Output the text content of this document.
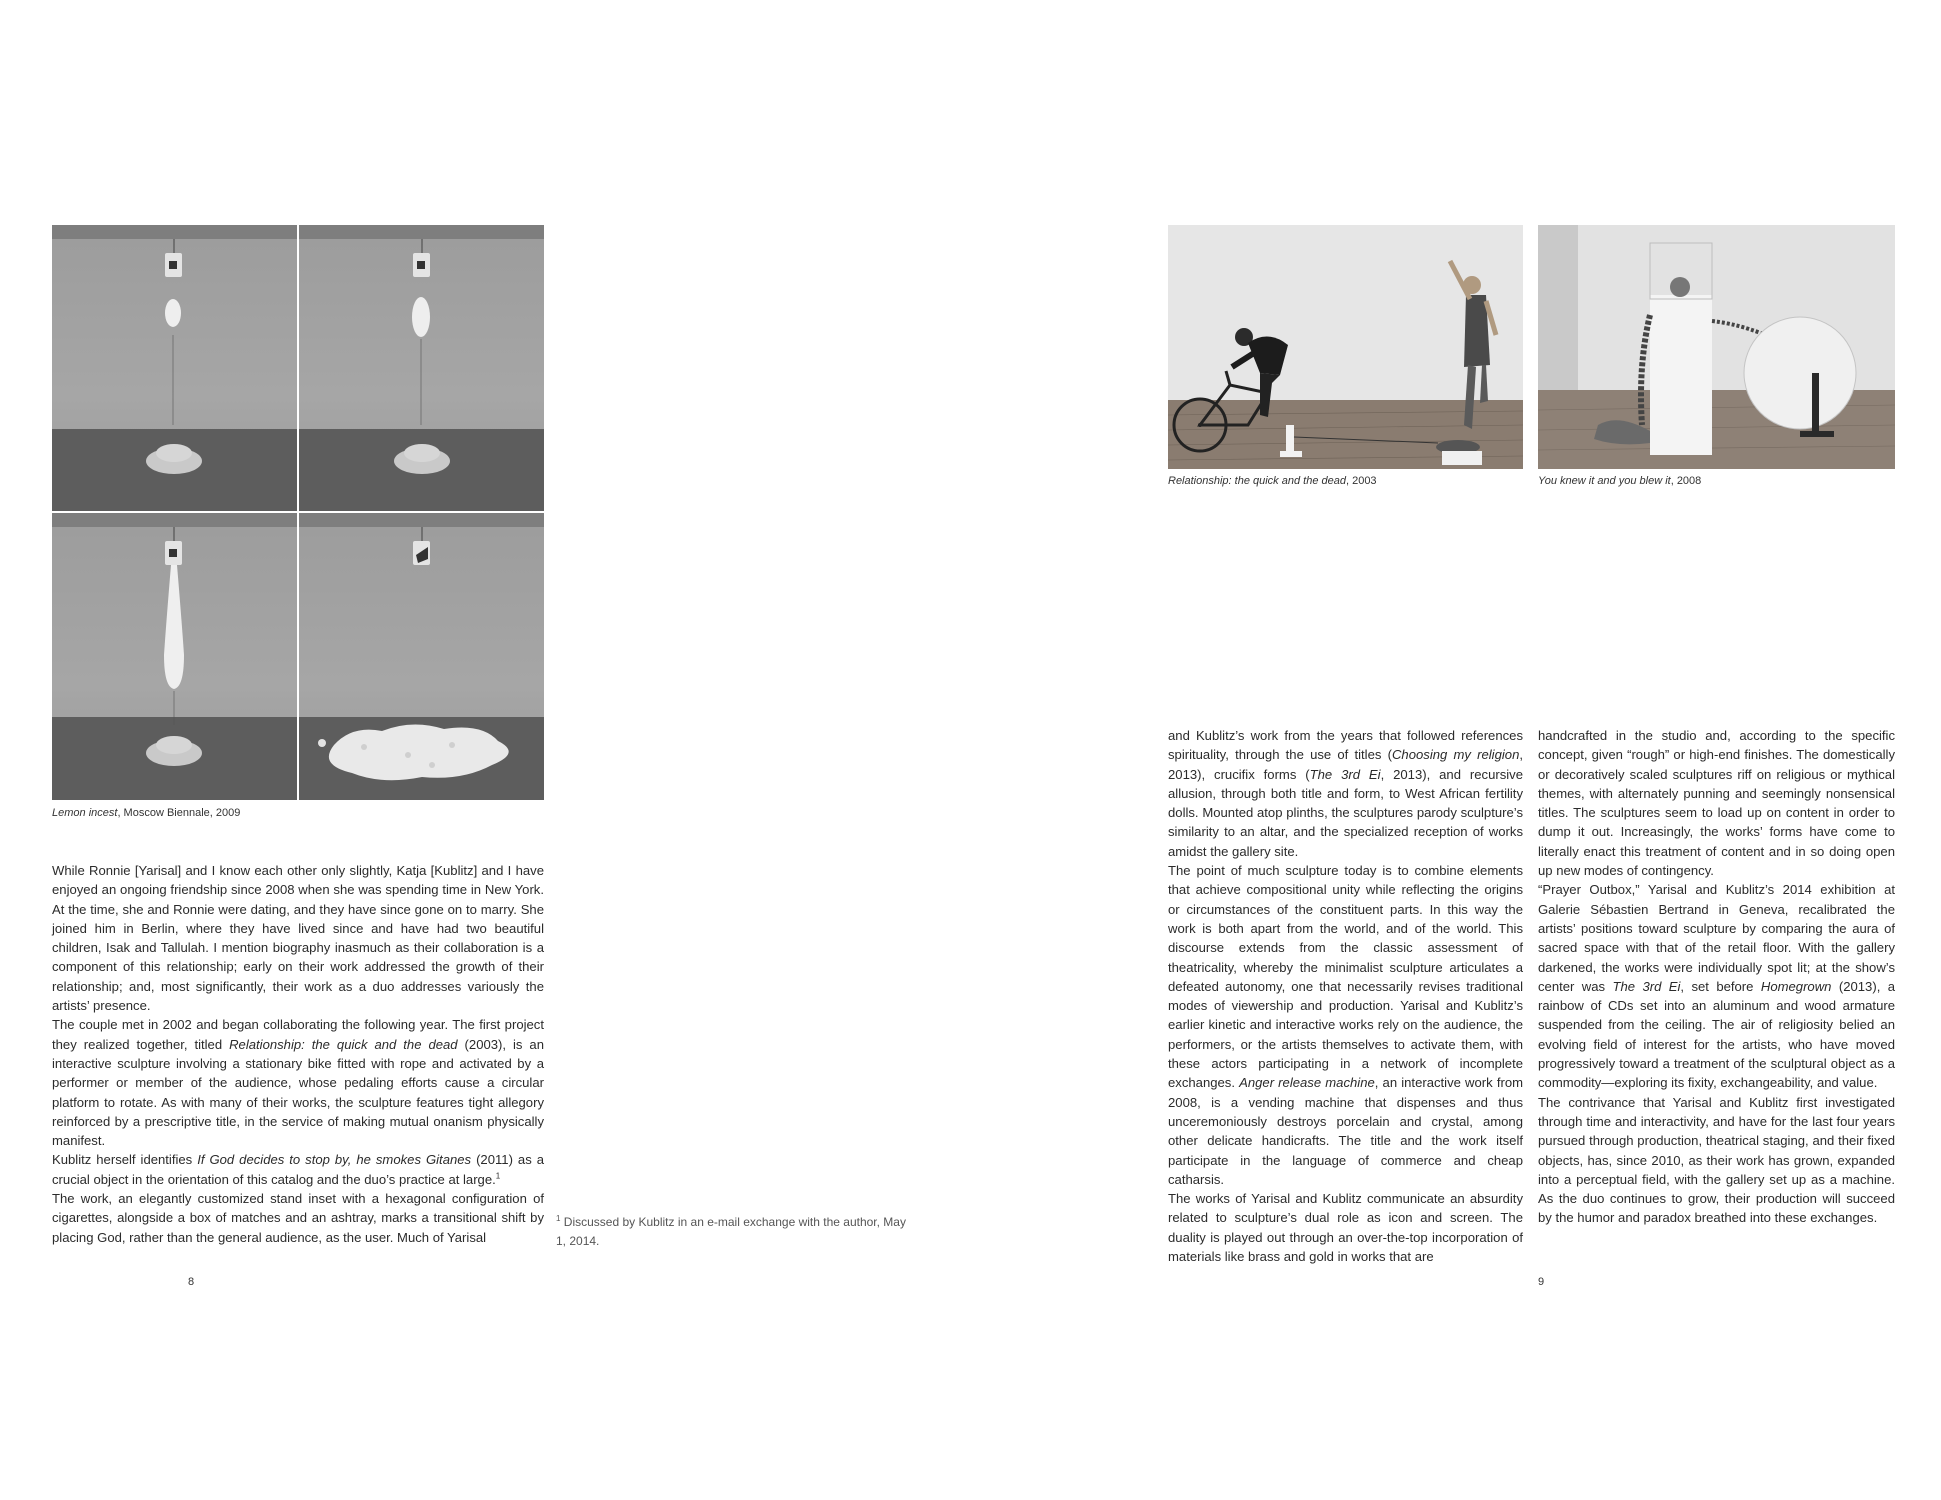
Lemon incest, Moscow Biennale, 2009

While Ronnie [Yarisal] and I know each other only slightly, Katja [Kublitz] and I have enjoyed an ongoing friendship since 2008 when she was spending time in New York. At the time, she and Ronnie were dating, and they have since gone on to marry. She joined him in Berlin, where they have lived since and have had two beautiful children, Isak and Tallulah. I mention biography inasmuch as their collaboration is a component of this relationship; early on their work addressed the growth of their relationship; and, most significantly, their work as a duo addresses variously the artists’ presence.

The couple met in 2002 and began collaborating the following year. The first project they realized together, titled Relationship: the quick and the dead (2003), is an interactive sculpture involving a stationary bike fitted with rope and activated by a performer or member of the audience, whose pedaling efforts cause a circular platform to rotate. As with many of their works, the sculpture features tight allegory reinforced by a prescriptive title, in the service of making mutual onanism physically manifest.

Kublitz herself identifies If God decides to stop by, he smokes Gitanes (2011) as a crucial object in the orientation of this catalog and the duo’s practice at large.$^1$

The work, an elegantly customized stand inset with a hexagonal configuration of cigarettes, alongside a box of matches and an ashtray, marks a transitional shift by placing God, rather than the general audience, as the user. Much of Yarisal

$^1$ Discussed by Kublitz in an e-mail exchange with the author, May 1, 2014.
8
Relationship: the quick and the dead, 2003	You knew it and you blew it, 2008

and Kublitz’s work from the years that followed references spirituality, through the use of titles (Choosing my religion, 2013), crucifix forms (The 3rd Ei, 2013), and recursive allusion, through both title and form, to West African fertility dolls. Mounted atop plinths, the sculptures parody sculpture’s similarity to an altar, and the specialized reception of works amidst the gallery site.

The point of much sculpture today is to combine elements that achieve compositional unity while reflecting the origins or circumstances of the constituent parts. In this way the work is both apart from the world, and of the world. This discourse extends from the classic assessment of theatricality, whereby the minimalist sculpture articulates a defeated autonomy, one that necessarily revises traditional modes of viewership and production. Yarisal and Kublitz’s earlier kinetic and interactive works rely on the audience, the performers, or the artists themselves to activate them, with these actors participating in a network of incomplete exchanges. Anger release machine, an interactive work from 2008, is a vending machine that dispenses and thus unceremoniously destroys porcelain and crystal, among other delicate handicrafts. The title and the work itself participate in the language of commerce and cheap catharsis.

The works of Yarisal and Kublitz communicate an absurdity related to sculpture’s dual role as icon and screen. The duality is played out through an over-the-top incorporation of materials like brass and gold in works that are

handcrafted in the studio and, according to the specific concept, given “rough” or high-end finishes. The domestically or decoratively scaled sculptures riff on religious or mythical themes, with alternately punning and seemingly nonsensical titles. The sculptures seem to load up on content in order to dump it out. Increasingly, the works’ forms have come to literally enact this treatment of content and in so doing open up new modes of contingency.

“Prayer Outbox,” Yarisal and Kublitz’s 2014 exhibition at Galerie Sébastien Bertrand in Geneva, recalibrated the artists’ positions toward sculpture by comparing the aura of sacred space with that of the retail floor. With the gallery darkened, the works were individually spot lit; at the show’s center was The 3rd Ei, set before Homegrown (2013), a rainbow of CDs set into an aluminum and wood armature suspended from the ceiling. The air of religiosity belied an evolving field of interest for the artists, who have moved progressively toward a treatment of the sculptural object as a commodity—exploring its fixity, exchangeability, and value.

The contrivance that Yarisal and Kublitz first investigated through time and interactivity, and have for the last four years pursued through production, theatrical staging, and their fixed objects, has, since 2010, as their work has grown, expanded into a perceptual field, with the gallery set up as a machine. As the duo continues to grow, their production will succeed by the humor and paradox breathed into these exchanges.

9
